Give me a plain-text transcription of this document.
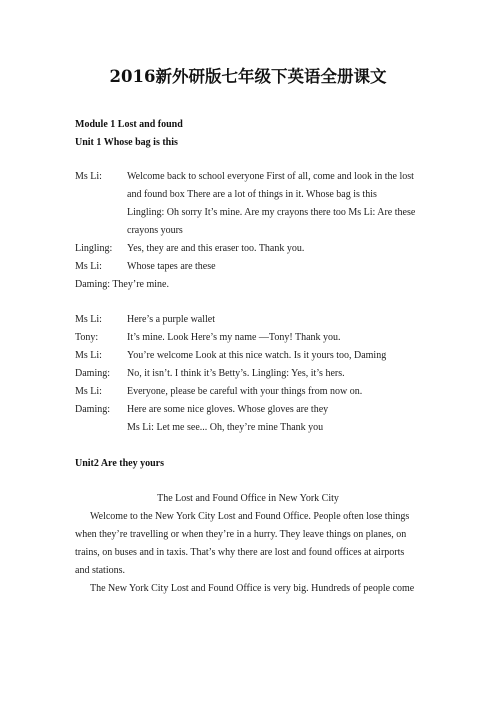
2016新外研版七年级下英语全册课文
Module 1 Lost and found
Unit 1 Whose bag is this
Ms Li:	Welcome back to school everyone First of all, come and look in the lost
and found box There are a lot of things in it. Whose bag is this
Lingling: Oh sorry It’s mine. Are my crayons there too Ms Li: Are these
crayons yours
Lingling: Yes, they are and this eraser too. Thank you.
Ms Li:	Whose tapes are these
Daming: They’re mine.
Ms Li:	Here’s a purple wallet
Tony:	It’s mine. Look Here’s my name —Tony! Thank you.
Ms Li:	You’re welcome Look at this nice watch. Is it yours too, Daming
Daming: No, it isn’t. I think it’s Betty’s. Lingling: Yes, it’s hers.
Ms Li:	Everyone, please be careful with your things from now on.
Daming: Here are some nice gloves. Whose gloves are they
Ms Li: Let me see... Oh, they’re mine Thank you
Unit2 Are they yours
The Lost and Found Office in New York City
Welcome to the New York City Lost and Found Office. People often lose things
when they’re travelling or when they’re in a hurry. They leave things on planes, on
trains, on buses and in taxis. That’s why there are lost and found offices at airports
and stations.
The New York City Lost and Found Office is very big. Hundreds of people come
